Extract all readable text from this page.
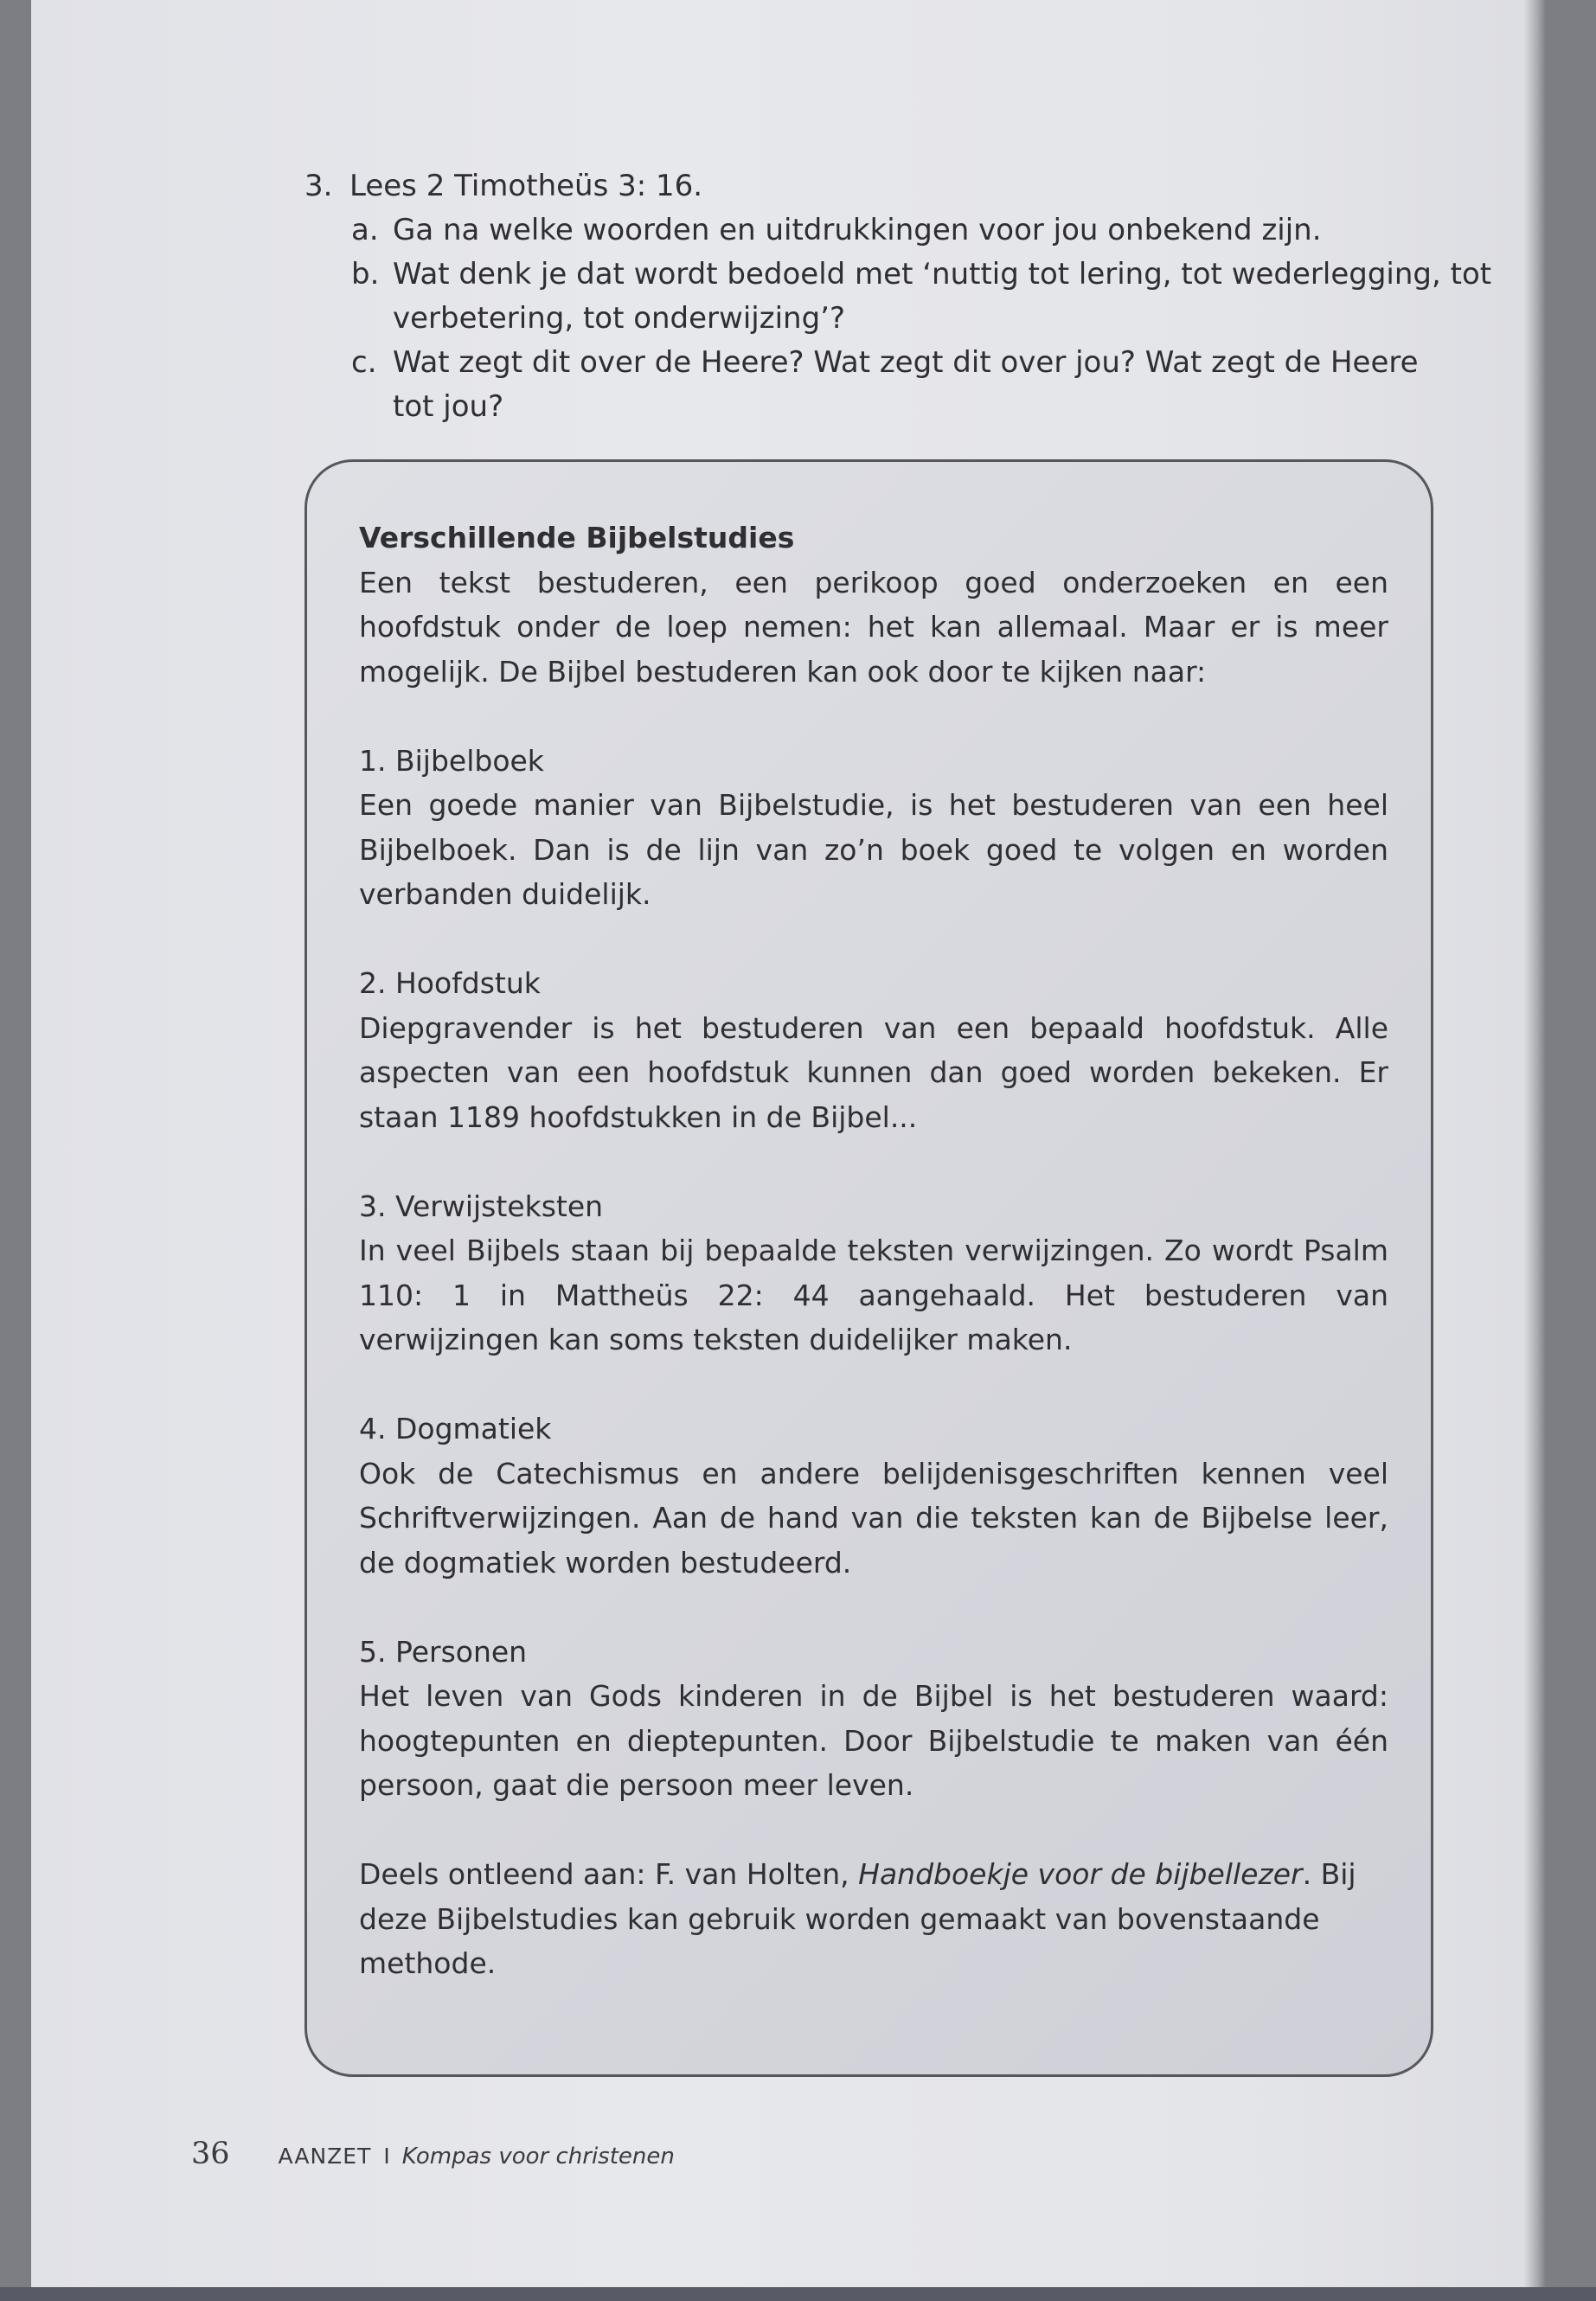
3. Lees 2 Timotheüs 3: 16.
a. Ga na welke woorden en uitdrukkingen voor jou onbekend zijn.
b. Wat denk je dat wordt bedoeld met ‘nuttig tot lering, tot wederlegging, tot
verbetering, tot onderwijzing’?
c. Wat zegt dit over de Heere? Wat zegt dit over jou? Wat zegt de Heere
tot jou?
Verschillende Bijbelstudies

Een tekst bestuderen, een perikoop goed onderzoeken en een hoofdstuk onder de loep nemen: het kan allemaal. Maar er is meer mogelijk. De Bijbel bestuderen kan ook door te kijken naar:

1. Bijbelboek

Een goede manier van Bijbelstudie, is het bestuderen van een heel Bijbelboek. Dan is de lijn van zo’n boek goed te volgen en worden verbanden duidelijk.

2. Hoofdstuk

Diepgravender is het bestuderen van een bepaald hoofdstuk. Alle aspecten van een hoofdstuk kunnen dan goed worden bekeken. Er staan 1189 hoofdstukken in de Bijbel...

3. Verwijsteksten

In veel Bijbels staan bij bepaalde teksten verwijzingen. Zo wordt Psalm 110: 1 in Mattheüs 22: 44 aangehaald. Het bestuderen van verwijzingen kan soms teksten duidelijker maken.

4. Dogmatiek

Ook de Catechismus en andere belijdenisgeschriften kennen veel Schriftverwijzingen. Aan de hand van die teksten kan de Bijbelse leer, de dogmatiek worden bestudeerd.

5. Personen

Het leven van Gods kinderen in de Bijbel is het bestuderen waard: hoogtepunten en dieptepunten. Door Bijbelstudie te maken van één persoon, gaat die persoon meer leven.

Deels ontleend aan: F. van Holten, Handboekje voor de bijbellezer. Bij deze Bijbelstudies kan gebruik worden gemaakt van bovenstaande methode.

36 AANZET I Kompas voor christenen
